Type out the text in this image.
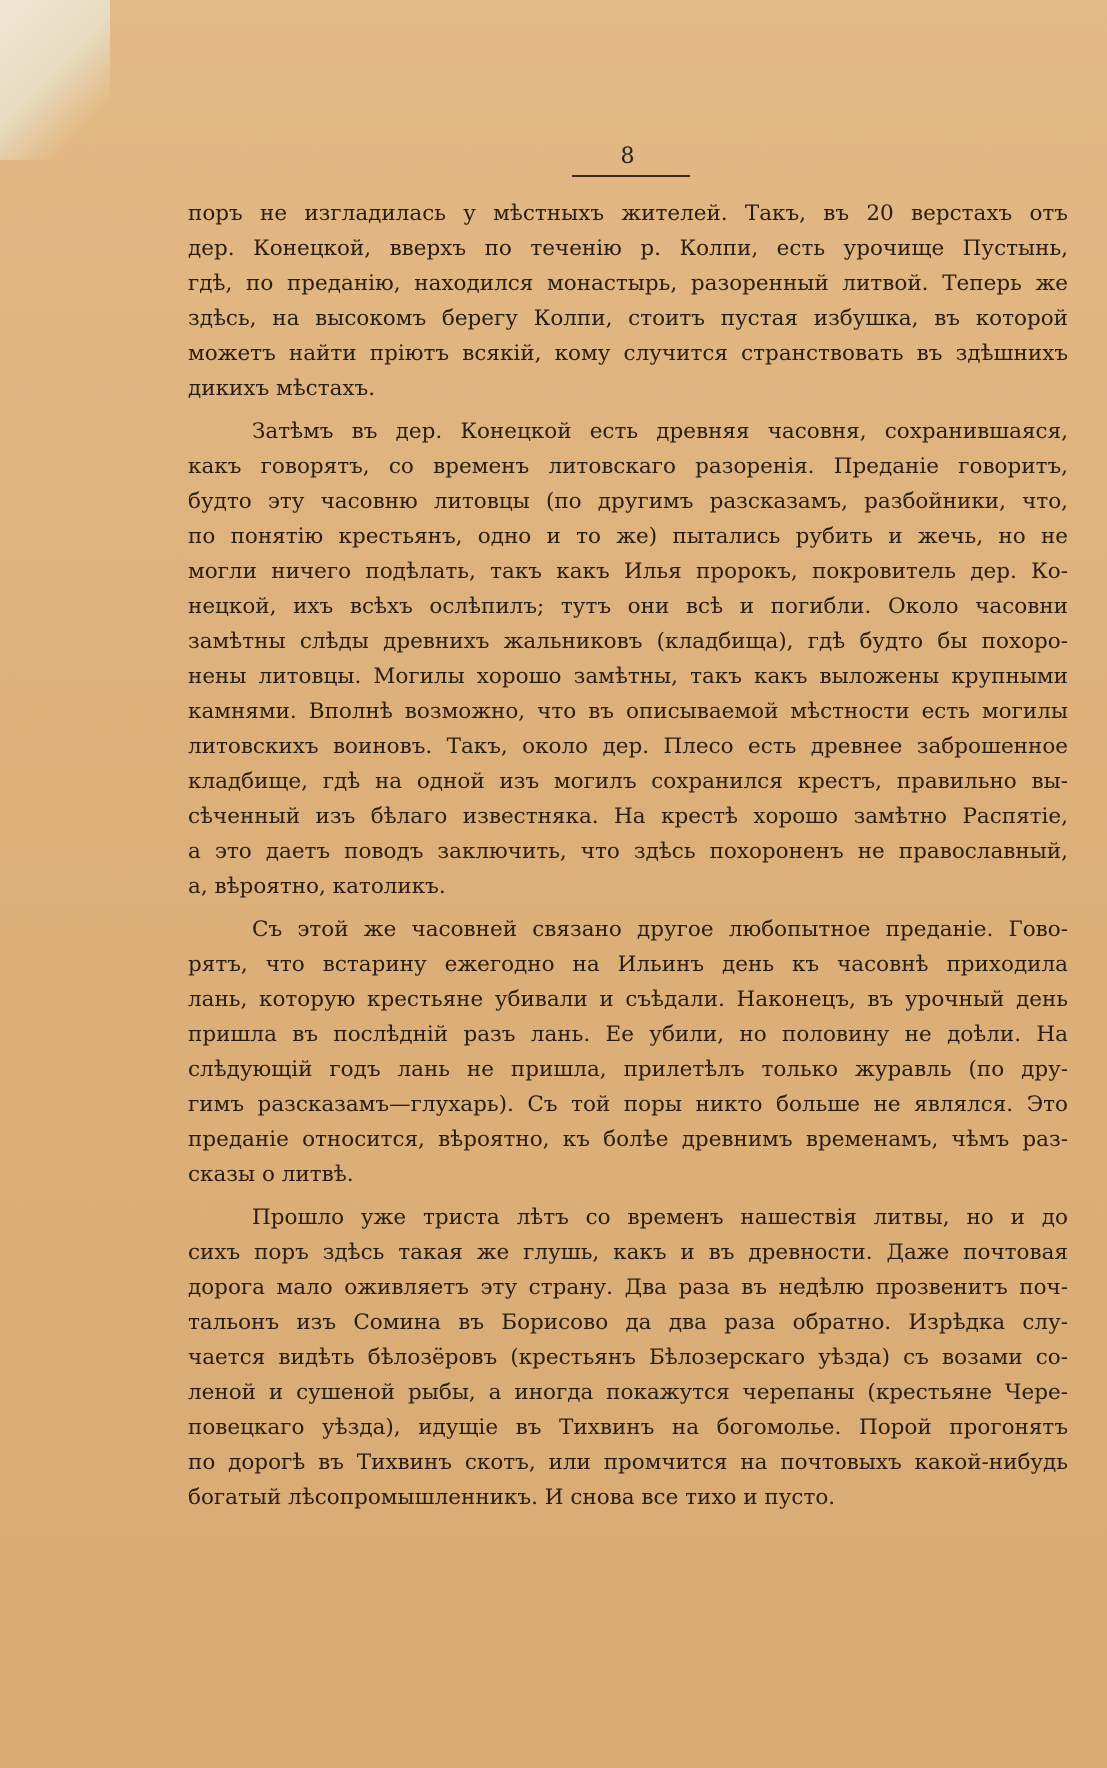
8
поръ не изгладилась у мѣстныхъ жителей. Такъ, въ 20 верстахъ отъ
дер. Конецкой, вверхъ по теченію р. Колпи, есть урочище Пустынь,
гдѣ, по преданію, находился монастырь, разоренный литвой. Теперь же
здѣсь, на высокомъ берегу Колпи, стоитъ пустая избушка, въ которой
можетъ найти пріютъ всякій, кому случится странствовать въ здѣшнихъ
дикихъ мѣстахъ.
Затѣмъ въ дер. Конецкой есть древняя часовня, сохранившаяся,
какъ говорятъ, со временъ литовскаго разоренія. Преданіе говоритъ,
будто эту часовню литовцы (по другимъ разсказамъ, разбойники, что,
по понятію крестьянъ, одно и то же) пытались рубить и жечь, но не
могли ничего подѣлать, такъ какъ Илья пророкъ, покровитель дер. Ко-
нецкой, ихъ всѣхъ ослѣпилъ; тутъ они всѣ и погибли. Около часовни
замѣтны слѣды древнихъ жальниковъ (кладбища), гдѣ будто бы похоро-
нены литовцы. Могилы хорошо замѣтны, такъ какъ выложены крупными
камнями. Вполнѣ возможно, что въ описываемой мѣстности есть могилы
литовскихъ воиновъ. Такъ, около дер. Плесо есть древнее заброшенное
кладбище, гдѣ на одной изъ могилъ сохранился крестъ, правильно вы-
сѣченный изъ бѣлаго известняка. На крестѣ хорошо замѣтно Распятіе,
а это даетъ поводъ заключить, что здѣсь похороненъ не православный,
а, вѣроятно, католикъ.
Съ этой же часовней связано другое любопытное преданіе. Гово-
рятъ, что встарину ежегодно на Ильинъ день къ часовнѣ приходила
лань, которую крестьяне убивали и съѣдали. Наконецъ, въ урочный день
пришла въ послѣдній разъ лань. Ее убили, но половину не доѣли. На
слѣдующій годъ лань не пришла, прилетѣлъ только журавль (по дру-
гимъ разсказамъ—глухарь). Съ той поры никто больше не являлся. Это
преданіе относится, вѣроятно, къ болѣе древнимъ временамъ, чѣмъ раз-
сказы о литвѣ.
Прошло уже триста лѣтъ со временъ нашествія литвы, но и до
сихъ поръ здѣсь такая же глушь, какъ и въ древности. Даже почтовая
дорога мало оживляетъ эту страну. Два раза въ недѣлю прозвенитъ поч-
тальонъ изъ Сомина въ Борисово да два раза обратно. Изрѣдка слу-
чается видѣть бѣлозёровъ (крестьянъ Бѣлозерскаго уѣзда) съ возами со-
леной и сушеной рыбы, а иногда покажутся черепаны (крестьяне Чере-
повецкаго уѣзда), идущіе въ Тихвинъ на богомолье. Порой прогонятъ
по дорогѣ въ Тихвинъ скотъ, или промчится на почтовыхъ какой-нибудь
богатый лѣсопромышленникъ. И снова все тихо и пусто.
